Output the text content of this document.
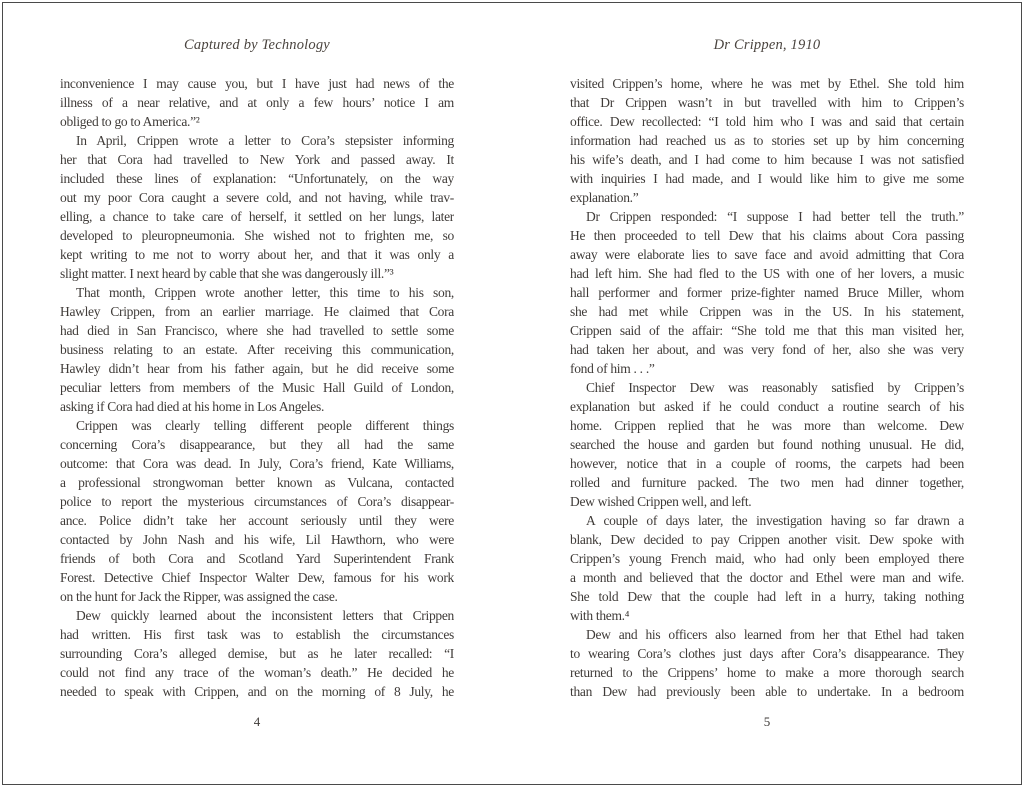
Captured by Technology
inconvenience I may cause you, but I have just had news of the
illness of a near relative, and at only a few hours’ notice I am
obliged to go to America.”²
In April, Crippen wrote a letter to Cora’s stepsister informing
her that Cora had travelled to New York and passed away. It
included these lines of explanation: “Unfortunately, on the way
out my poor Cora caught a severe cold, and not having, while trav-
elling, a chance to take care of herself, it settled on her lungs, later
developed to pleuropneumonia. She wished not to frighten me, so
kept writing to me not to worry about her, and that it was only a
slight matter. I next heard by cable that she was dangerously ill.”³
That month, Crippen wrote another letter, this time to his son,
Hawley Crippen, from an earlier marriage. He claimed that Cora
had died in San Francisco, where she had travelled to settle some
business relating to an estate. After receiving this communication,
Hawley didn’t hear from his father again, but he did receive some
peculiar letters from members of the Music Hall Guild of London,
asking if Cora had died at his home in Los Angeles.
Crippen was clearly telling different people different things
concerning Cora’s disappearance, but they all had the same
outcome: that Cora was dead. In July, Cora’s friend, Kate Williams,
a professional strongwoman better known as Vulcana, contacted
police to report the mysterious circumstances of Cora’s disappear-
ance. Police didn’t take her account seriously until they were
contacted by John Nash and his wife, Lil Hawthorn, who were
friends of both Cora and Scotland Yard Superintendent Frank
Forest. Detective Chief Inspector Walter Dew, famous for his work
on the hunt for Jack the Ripper, was assigned the case.
Dew quickly learned about the inconsistent letters that Crippen
had written. His first task was to establish the circumstances
surrounding Cora’s alleged demise, but as he later recalled: “I
could not find any trace of the woman’s death.” He decided he
needed to speak with Crippen, and on the morning of 8 July, he
4
Dr Crippen, 1910
visited Crippen’s home, where he was met by Ethel. She told him
that Dr Crippen wasn’t in but travelled with him to Crippen’s
office. Dew recollected: “I told him who I was and said that certain
information had reached us as to stories set up by him concerning
his wife’s death, and I had come to him because I was not satisfied
with inquiries I had made, and I would like him to give me some
explanation.”
Dr Crippen responded: “I suppose I had better tell the truth.”
He then proceeded to tell Dew that his claims about Cora passing
away were elaborate lies to save face and avoid admitting that Cora
had left him. She had fled to the US with one of her lovers, a music
hall performer and former prize-fighter named Bruce Miller, whom
she had met while Crippen was in the US. In his statement,
Crippen said of the affair: “She told me that this man visited her,
had taken her about, and was very fond of her, also she was very
fond of him . . .”
Chief Inspector Dew was reasonably satisfied by Crippen’s
explanation but asked if he could conduct a routine search of his
home. Crippen replied that he was more than welcome. Dew
searched the house and garden but found nothing unusual. He did,
however, notice that in a couple of rooms, the carpets had been
rolled and furniture packed. The two men had dinner together,
Dew wished Crippen well, and left.
A couple of days later, the investigation having so far drawn a
blank, Dew decided to pay Crippen another visit. Dew spoke with
Crippen’s young French maid, who had only been employed there
a month and believed that the doctor and Ethel were man and wife.
She told Dew that the couple had left in a hurry, taking nothing
with them.⁴
Dew and his officers also learned from her that Ethel had taken
to wearing Cora’s clothes just days after Cora’s disappearance. They
returned to the Crippens’ home to make a more thorough search
than Dew had previously been able to undertake. In a bedroom
5
